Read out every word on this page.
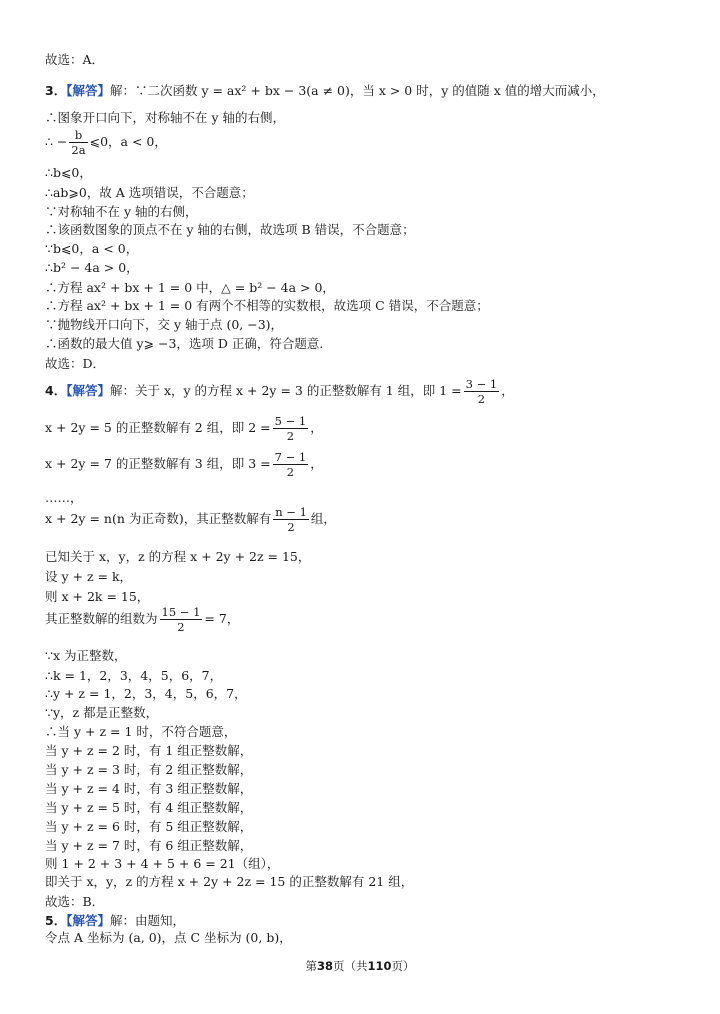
故选：A．
3．【解答】解：∵二次函数 y = ax² + bx − 3(a ≠ 0)，当 x > 0 时，y 的值随 x 值的增大而减小，
∴图象开口向下，对称轴不在 y 轴的右侧，
∴ − $\frac{b}{2a}$ ⩽0，a < 0，
∴b⩽0，
∴ab⩾0，故 A 选项错误，不合题意；
∵对称轴不在 y 轴的右侧，
∴该函数图象的顶点不在 y 轴的右侧，故选项 B 错误，不合题意；
∵b⩽0，a < 0，
∴b² − 4a > 0，
∴方程 ax² + bx + 1 = 0 中，△ = b² − 4a > 0，
∴方程 ax² + bx + 1 = 0 有两个不相等的实数根，故选项 C 错误，不合题意；
∵抛物线开口向下，交 y 轴于点 (0, −3)，
∴函数的最大值 y⩾ −3，选项 D 正确，符合题意.
故选：D．
4．【解答】解：关于 x，y 的方程 x + 2y = 3 的正整数解有 1 组，即 $1 = \frac{3 - 1}{2}$ ，
x + 2y = 5 的正整数解有 2 组，即 $2 = \frac{5 - 1}{2}$ ，
x + 2y = 7 的正整数解有 3 组，即 $3 = \frac{7 - 1}{2}$ ，
……，
x + 2y = n(n 为正奇数)，其正整数解有 $\frac{n - 1}{2}$ 组，
已知关于 x，y，z 的方程 x + 2y + 2z = 15，
设 y + z = k，
则 x + 2k = 15，
其正整数解的组数为 $\frac{15 - 1}{2} = 7$，
∵x 为正整数，
∴k = 1，2，3，4，5，6，7，
∴y + z = 1，2，3，4，5，6，7，
∵y，z 都是正整数，
∴当 y + z = 1 时，不符合题意，
当 y + z = 2 时，有 1 组正整数解，
当 y + z = 3 时，有 2 组正整数解，
当 y + z = 4 时，有 3 组正整数解，
当 y + z = 5 时，有 4 组正整数解，
当 y + z = 6 时，有 5 组正整数解，
当 y + z = 7 时，有 6 组正整数解，
则 1 + 2 + 3 + 4 + 5 + 6 = 21（组），
即关于 x，y，z 的方程 x + 2y + 2z = 15 的正整数解有 21 组，
故选：B．
5．【解答】解：由题知，
令点 A 坐标为 (a, 0)，点 C 坐标为 (0, b)，
第38页（共110页）
